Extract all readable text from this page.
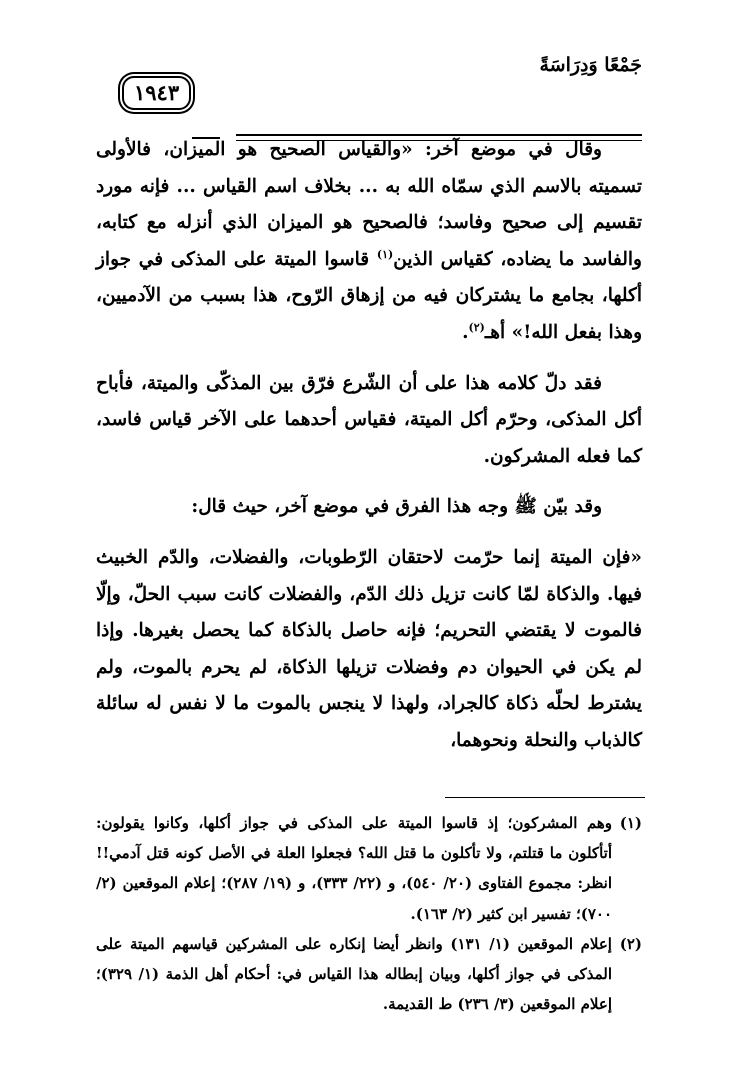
جَمْعًا وَدِرَاسَةً
١٩٤٣

وقال في موضع آخر: «والقياس الصحيح هو الميزان، فالأولى تسميته بالاسم الذي سمّاه الله به ... بخلاف اسم القياس ... فإنه مورد تقسيم إلى صحيح وفاسد؛ فالصحيح هو الميزان الذي أنزله مع كتابه، والفاسد ما يضاده، كقياس الذين$^{(١)}$ قاسوا الميتة على المذكى في جواز أكلها، بجامع ما يشتركان فيه من إزهاق الرّوح، هذا بسبب من الآدميين، وهذا بفعل الله!» أهـ$^{(٢)}$.

فقد دلّ كلامه هذا على أن الشّرع فرّق بين المذكّى والميتة، فأباح أكل المذكى، وحرّم أكل الميتة، فقياس أحدهما على الآخر قياس فاسد، كما فعله المشركون.

وقد بيّن ﷺ وجه هذا الفرق في موضع آخر، حيث قال:

«فإن الميتة إنما حرّمت لاحتقان الرّطوبات، والفضلات، والدّم الخبيث فيها. والذكاة لمّا كانت تزيل ذلك الدّم، والفضلات كانت سبب الحلّ، وإلّا فالموت لا يقتضي التحريم؛ فإنه حاصل بالذكاة كما يحصل بغيرها. وإذا لم يكن في الحيوان دم وفضلات تزيلها الذكاة، لم يحرم بالموت، ولم يشترط لحلّه ذكاة كالجراد، ولهذا لا ينجس بالموت ما لا نفس له سائلة كالذباب والنحلة ونحوهما،

(١)
وهم المشركون؛ إذ قاسوا الميتة على المذكى في جواز أكلها، وكانوا يقولون: أتأكلون ما قتلتم، ولا تأكلون ما قتل الله؟ فجعلوا العلة في الأصل كونه قتل آدمي!! انظر: مجموع الفتاوى (٢٠/ ٥٤٠)، و (٢٢/ ٣٣٣)، و (١٩/ ٢٨٧)؛ إعلام الموقعين (٢/ ٧٠٠)؛ تفسير ابن كثير (٢/ ١٦٣).
(٢)
إعلام الموقعين (١/ ١٣١) وانظر أيضا إنكاره على المشركين قياسهم الميتة على المذكى في جواز أكلها، وبيان إبطاله هذا القياس في: أحكام أهل الذمة (١/ ٣٢٩)؛ إعلام الموقعين (٣/ ٢٣٦) ط القديمة.
